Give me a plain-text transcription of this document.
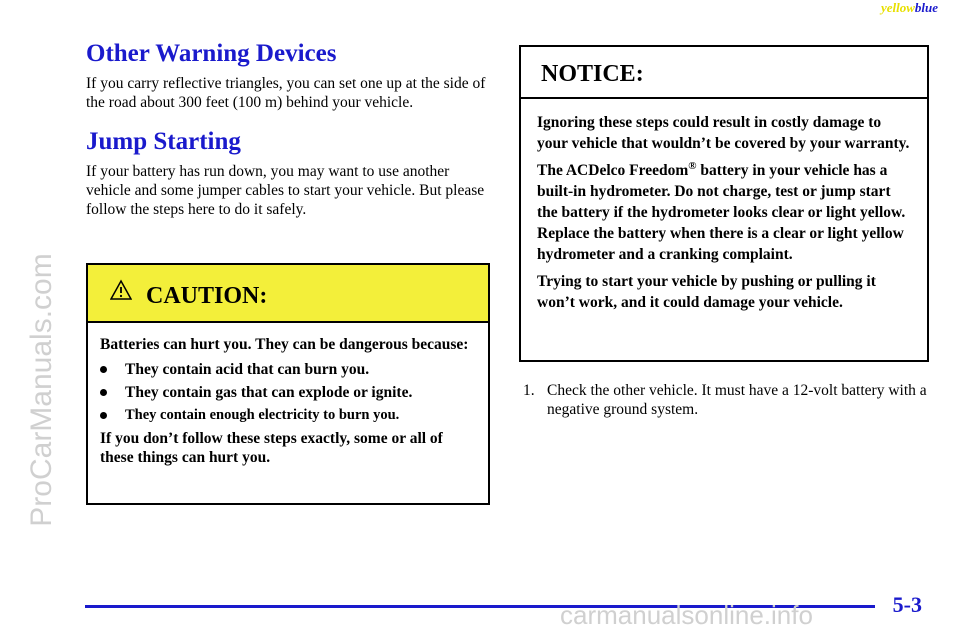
yellowblue
ProCarManuals.com
Other Warning Devices

If you carry reflective triangles, you can set one up at the side of the road about 300 feet (100 m) behind your vehicle.

Jump Starting

If your battery has run down, you may want to use another vehicle and some jumper cables to start your vehicle. But please follow the steps here to do it safely.

CAUTION:

Batteries can hurt you. They can be dangerous because:

They contain acid that can burn you.
They contain gas that can explode or ignite.
They contain enough electricity to burn you.

If you don’t follow these steps exactly, some or all of these things can hurt you.

NOTICE:

Ignoring these steps could result in costly damage to your vehicle that wouldn’t be covered by your warranty.

The ACDelco Freedom® battery in your vehicle has a built-in hydrometer. Do not charge, test or jump start the battery if the hydrometer looks clear or light yellow. Replace the battery when there is a clear or light yellow hydrometer and a cranking complaint.

Trying to start your vehicle by pushing or pulling it won’t work, and it could damage your vehicle.

1. Check the other vehicle. It must have a 12-volt battery with a negative ground system.
5-3
carmanualsonline.info
